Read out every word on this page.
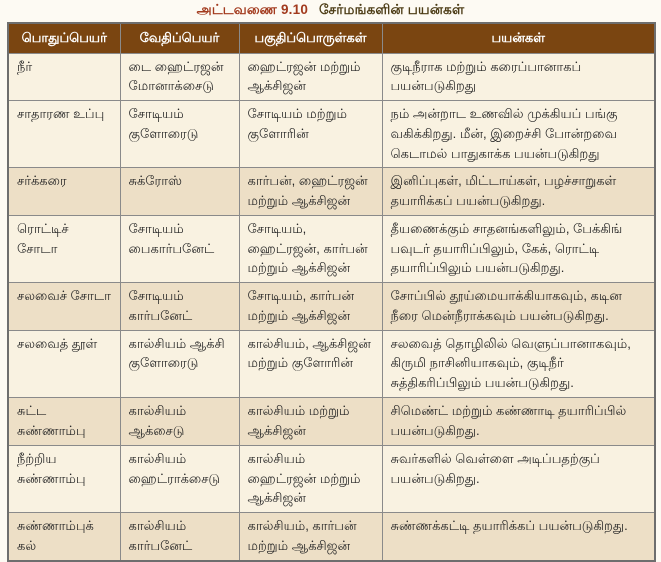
அட்டவணை 9.10 சேர்மங்களின் பயன்கள்
பொதுப்பெயர்	வேதிப்பெயர்	பகுதிப்பொருள்கள்	பயன்கள்
நீர்	டை ஹைட்ரஜன் மோனாக்சைடு	ஹைட்ரஜன் மற்றும் ஆக்சிஜன்	குடிநீராக மற்றும் கரைப்பானாகப் பயன்படுகிறது
சாதாரண உப்பு	சோடியம் குளோரைடு	சோடியம் மற்றும் குளோரின்	நம் அன்றாட உணவில் முக்கியப் பங்கு வகிக்கிறது. மீன், இறைச்சி போன்றவை கெடாமல் பாதுகாக்க பயன்படுகிறது
சர்க்கரை	சுக்ரோஸ்	கார்பன், ஹைட்ரஜன் மற்றும் ஆக்சிஜன்	இனிப்புகள், மிட்டாய்கள், பழச்சாறுகள் தயாரிக்கப் பயன்படுகிறது.
ரொட்டிச் சோடா	சோடியம் பைகார்பனேட்	சோடியம், ஹைட்ரஜன், கார்பன் மற்றும் ஆக்சிஜன்	தீயணைக்கும் சாதனங்களிலும், பேக்கிங் பவுடர் தயாரிப்பிலும், கேக், ரொட்டி தயாரிப்பிலும் பயன்படுகிறது.
சலவைச் சோடா	சோடியம் கார்பனேட்	சோடியம், கார்பன் மற்றும் ஆக்சிஜன்	சோப்பில் தூய்மையாக்கியாகவும், கடின நீரை மென்நீராக்கவும் பயன்படுகிறது.
சலவைத் தூள்	கால்சியம் ஆக்சி குளோரைடு	கால்சியம், ஆக்சிஜன் மற்றும் குளோரின்	சலவைத் தொழிலில் வெளுப்பானாகவும், கிருமி நாசினியாகவும், குடிநீர் சுத்திகரிப்பிலும் பயன்படுகிறது.
சுட்ட சுண்ணாம்பு	கால்சியம் ஆக்சைடு	கால்சியம் மற்றும் ஆக்சிஜன்	சிமெண்ட் மற்றும் கண்ணாடி தயாரிப்பில் பயன்படுகிறது.
நீற்றிய சுண்ணாம்பு	கால்சியம் ஹைட்ராக்சைடு	கால்சியம் ஹைட்ரஜன் மற்றும் ஆக்சிஜன்	சுவர்களில் வெள்ளை அடிப்பதற்குப் பயன்படுகிறது.
சுண்ணாம்புக் கல்	கால்சியம் கார்பனேட்	கால்சியம், கார்பன் மற்றும் ஆக்சிஜன்	சுண்ணக்கட்டி தயாரிக்கப் பயன்படுகிறது.
